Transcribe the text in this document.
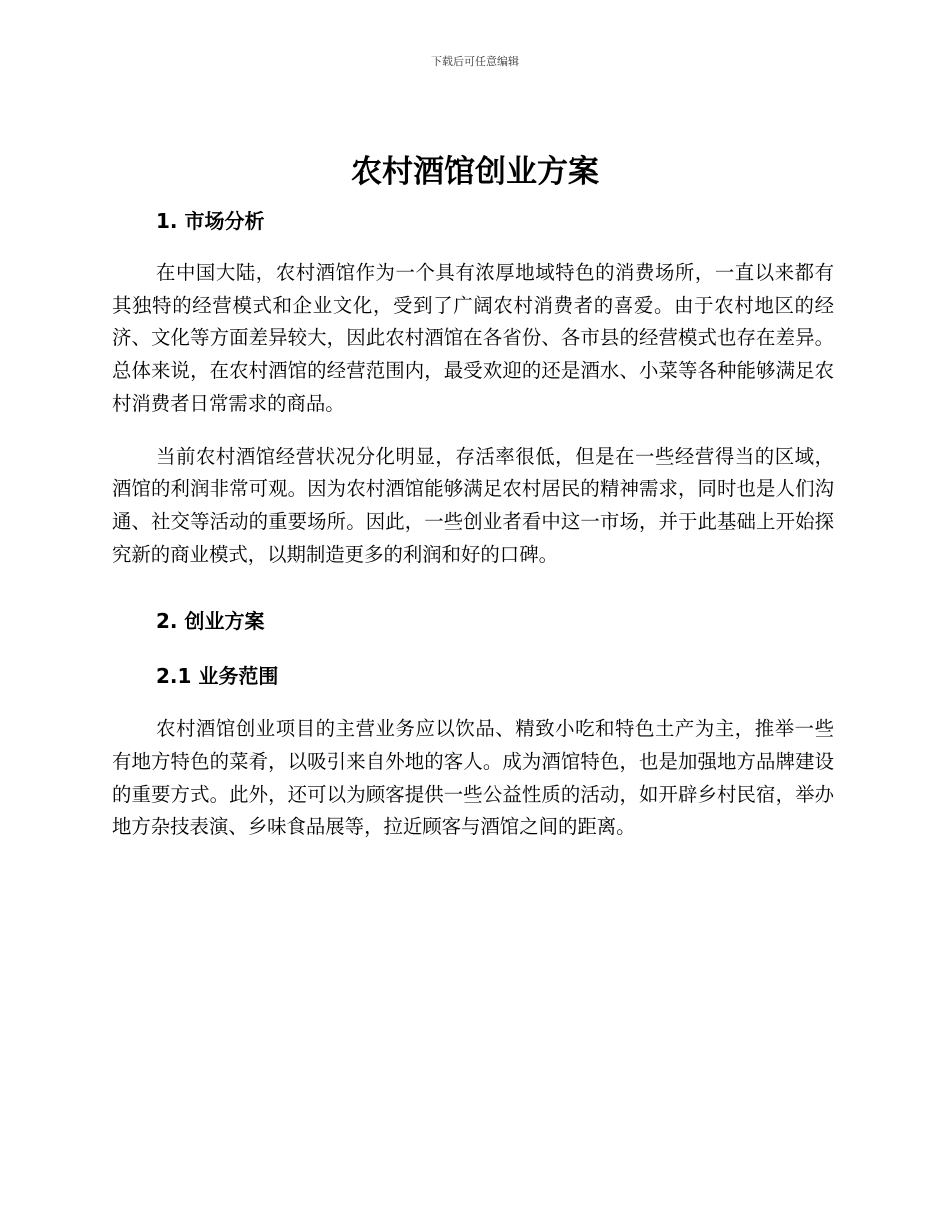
下载后可任意编辑
农村酒馆创业方案
1. 市场分析

在中国大陆，农村酒馆作为一个具有浓厚地域特色的消费场所，一直以来都有其独特的经营模式和企业文化，受到了广阔农村消费者的喜爱。由于农村地区的经济、文化等方面差异较大，因此农村酒馆在各省份、各市县的经营模式也存在差异。总体来说，在农村酒馆的经营范围内，最受欢迎的还是酒水、小菜等各种能够满足农村消费者日常需求的商品。

当前农村酒馆经营状况分化明显，存活率很低，但是在一些经营得当的区域，酒馆的利润非常可观。因为农村酒馆能够满足农村居民的精神需求，同时也是人们沟通、社交等活动的重要场所。因此，一些创业者看中这一市场，并于此基础上开始探究新的商业模式，以期制造更多的利润和好的口碑。

2. 创业方案
2.1 业务范围

农村酒馆创业项目的主营业务应以饮品、精致小吃和特色土产为主，推举一些有地方特色的菜肴，以吸引来自外地的客人。成为酒馆特色，也是加强地方品牌建设的重要方式。此外，还可以为顾客提供一些公益性质的活动，如开辟乡村民宿，举办地方杂技表演、乡味食品展等，拉近顾客与酒馆之间的距离。
